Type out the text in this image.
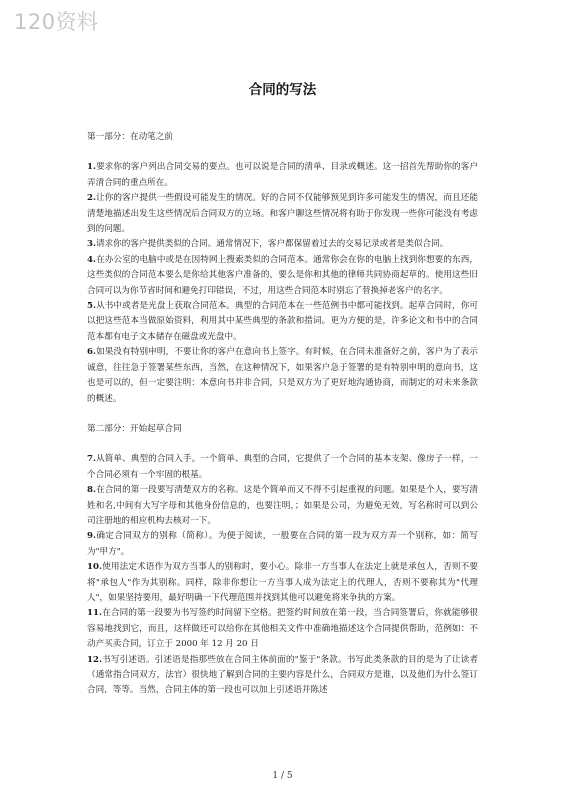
120资料
合同的写法

第一部分：在动笔之前

1.要求你的客户列出合同交易的要点。也可以说是合同的清单、目录或概述。这一招首先帮助你的客户弄清合同的重点所在。

2.让你的客户提供一些假设可能发生的情况。好的合同不仅能够预见到许多可能发生的情况，而且还能清楚地描述出发生这些情况后合同双方的立场。和客户聊这些情况将有助于你发现一些你可能没有考虑到的问题。

3.请求你的客户提供类似的合同。通常情况下，客户都保留着过去的交易记录或者是类似合同。

4.在办公室的电脑中或是在因特网上搜索类似的合同范本。通常你会在你的电脑上找到你想要的东西，这些类似的合同范本要么是你给其他客户准备的，要么是你和其他的律师共同协商起草的。使用这些旧合同可以为你节省时间和避免打印错误，不过，用这些合同范本时别忘了替换掉老客户的名字。

5.从书中或者是光盘上获取合同范本。典型的合同范本在一些范例书中都可能找到。起草合同时，你可以把这些范本当做原始资料，利用其中某些典型的条款和措词。更为方便的是，许多论文和书中的合同范本都有电子文本储存在磁盘或光盘中。

6.如果没有特别申明，不要让你的客户在意向书上签字。有时候，在合同未准备好之前，客户为了表示诚意，往往急于签署某些东西，当然，在这种情况下，如果客户急于签署的是有特别申明的意向书，这也是可以的，但一定要注明：本意向书并非合同，只是双方为了更好地沟通协商，而制定的对未来条款的概述。

第二部分：开始起草合同

7.从简单、典型的合同入手。一个简单、典型的合同，它提供了一个合同的基本支架、像房子一样，一个合同必须有一个牢固的根基。

8.在合同的第一段要写清楚双方的名称。这是个简单而又不得不引起重视的问题。如果是个人，要写清姓和名,中间有大写字母和其他身份信息的，也要注明，；如果是公司，为避免无效，写名称时可以到公司注册地的相应机构去核对一下。

9.确定合同双方的别称（简称）。为便于阅读，一般要在合同的第一段为双方弄一个别称，如：简写为"甲方"。

10.使用法定术语作为双方当事人的别称时，要小心。除非一方当事人在法定上就是承包人，否则不要将"承包人"作为其别称。同样，除非你想让一方当事人成为法定上的代理人，否则不要称其为"代理人"，如果坚持要用，最好明确一下代理范围并找到其他可以避免将来争执的方案。

11.在合同的第一段要为书写签约时间留下空格。把签约时间放在第一段，当合同签署后，你就能够很容易地找到它，而且，这样做还可以给你在其他相关文件中准确地描述这个合同提供帮助，范例如：不动产买卖合同，订立于 2000 年 12 月 20 日

12.书写引述语。引述语是指那些放在合同主体前面的"鉴于"条款。书写此类条款的目的是为了让读者（通常指合同双方，法官）很快地了解到合同的主要内容是什么，合同双方是谁，以及他们为什么签订合同，等等。当然，合同主体的第一段也可以加上引述语并陈述

1 / 5
